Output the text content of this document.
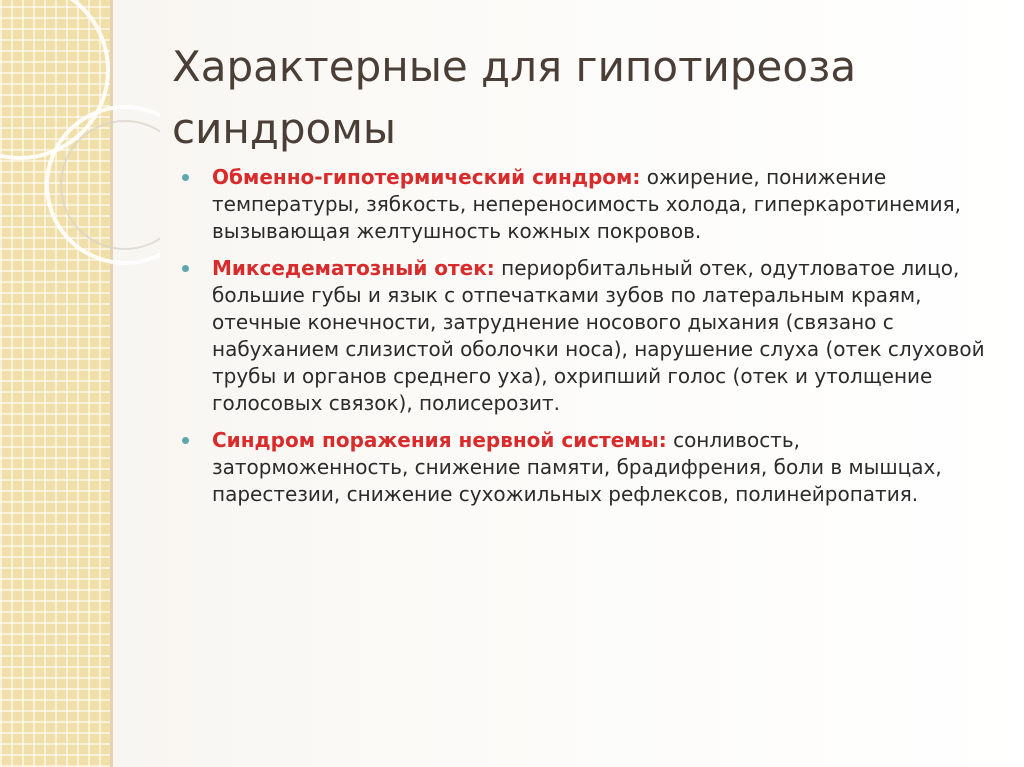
Характерные для гипотиреоза синдромы
Обменно-гипотермический синдром: ожирение, понижение температуры, зябкость, непереносимость холода, гиперкаротинемия, вызывающая желтушность кожных покровов.
Микседематозный отек: периорбитальный отек, одутловатое лицо, большие губы и язык с отпечатками зубов по латеральным краям, отечные конечности, затруднение носового дыхания (связано с набуханием слизистой оболочки носа), нарушение слуха (отек слуховой трубы и органов среднего уха), охрипший голос (отек и утолщение голосовых связок), полисерозит.
Синдром поражения нервной системы: сонливость, заторможенность, снижение памяти, брадифрения, боли в мышцах, парестезии, снижение сухожильных рефлексов, полинейропатия.
